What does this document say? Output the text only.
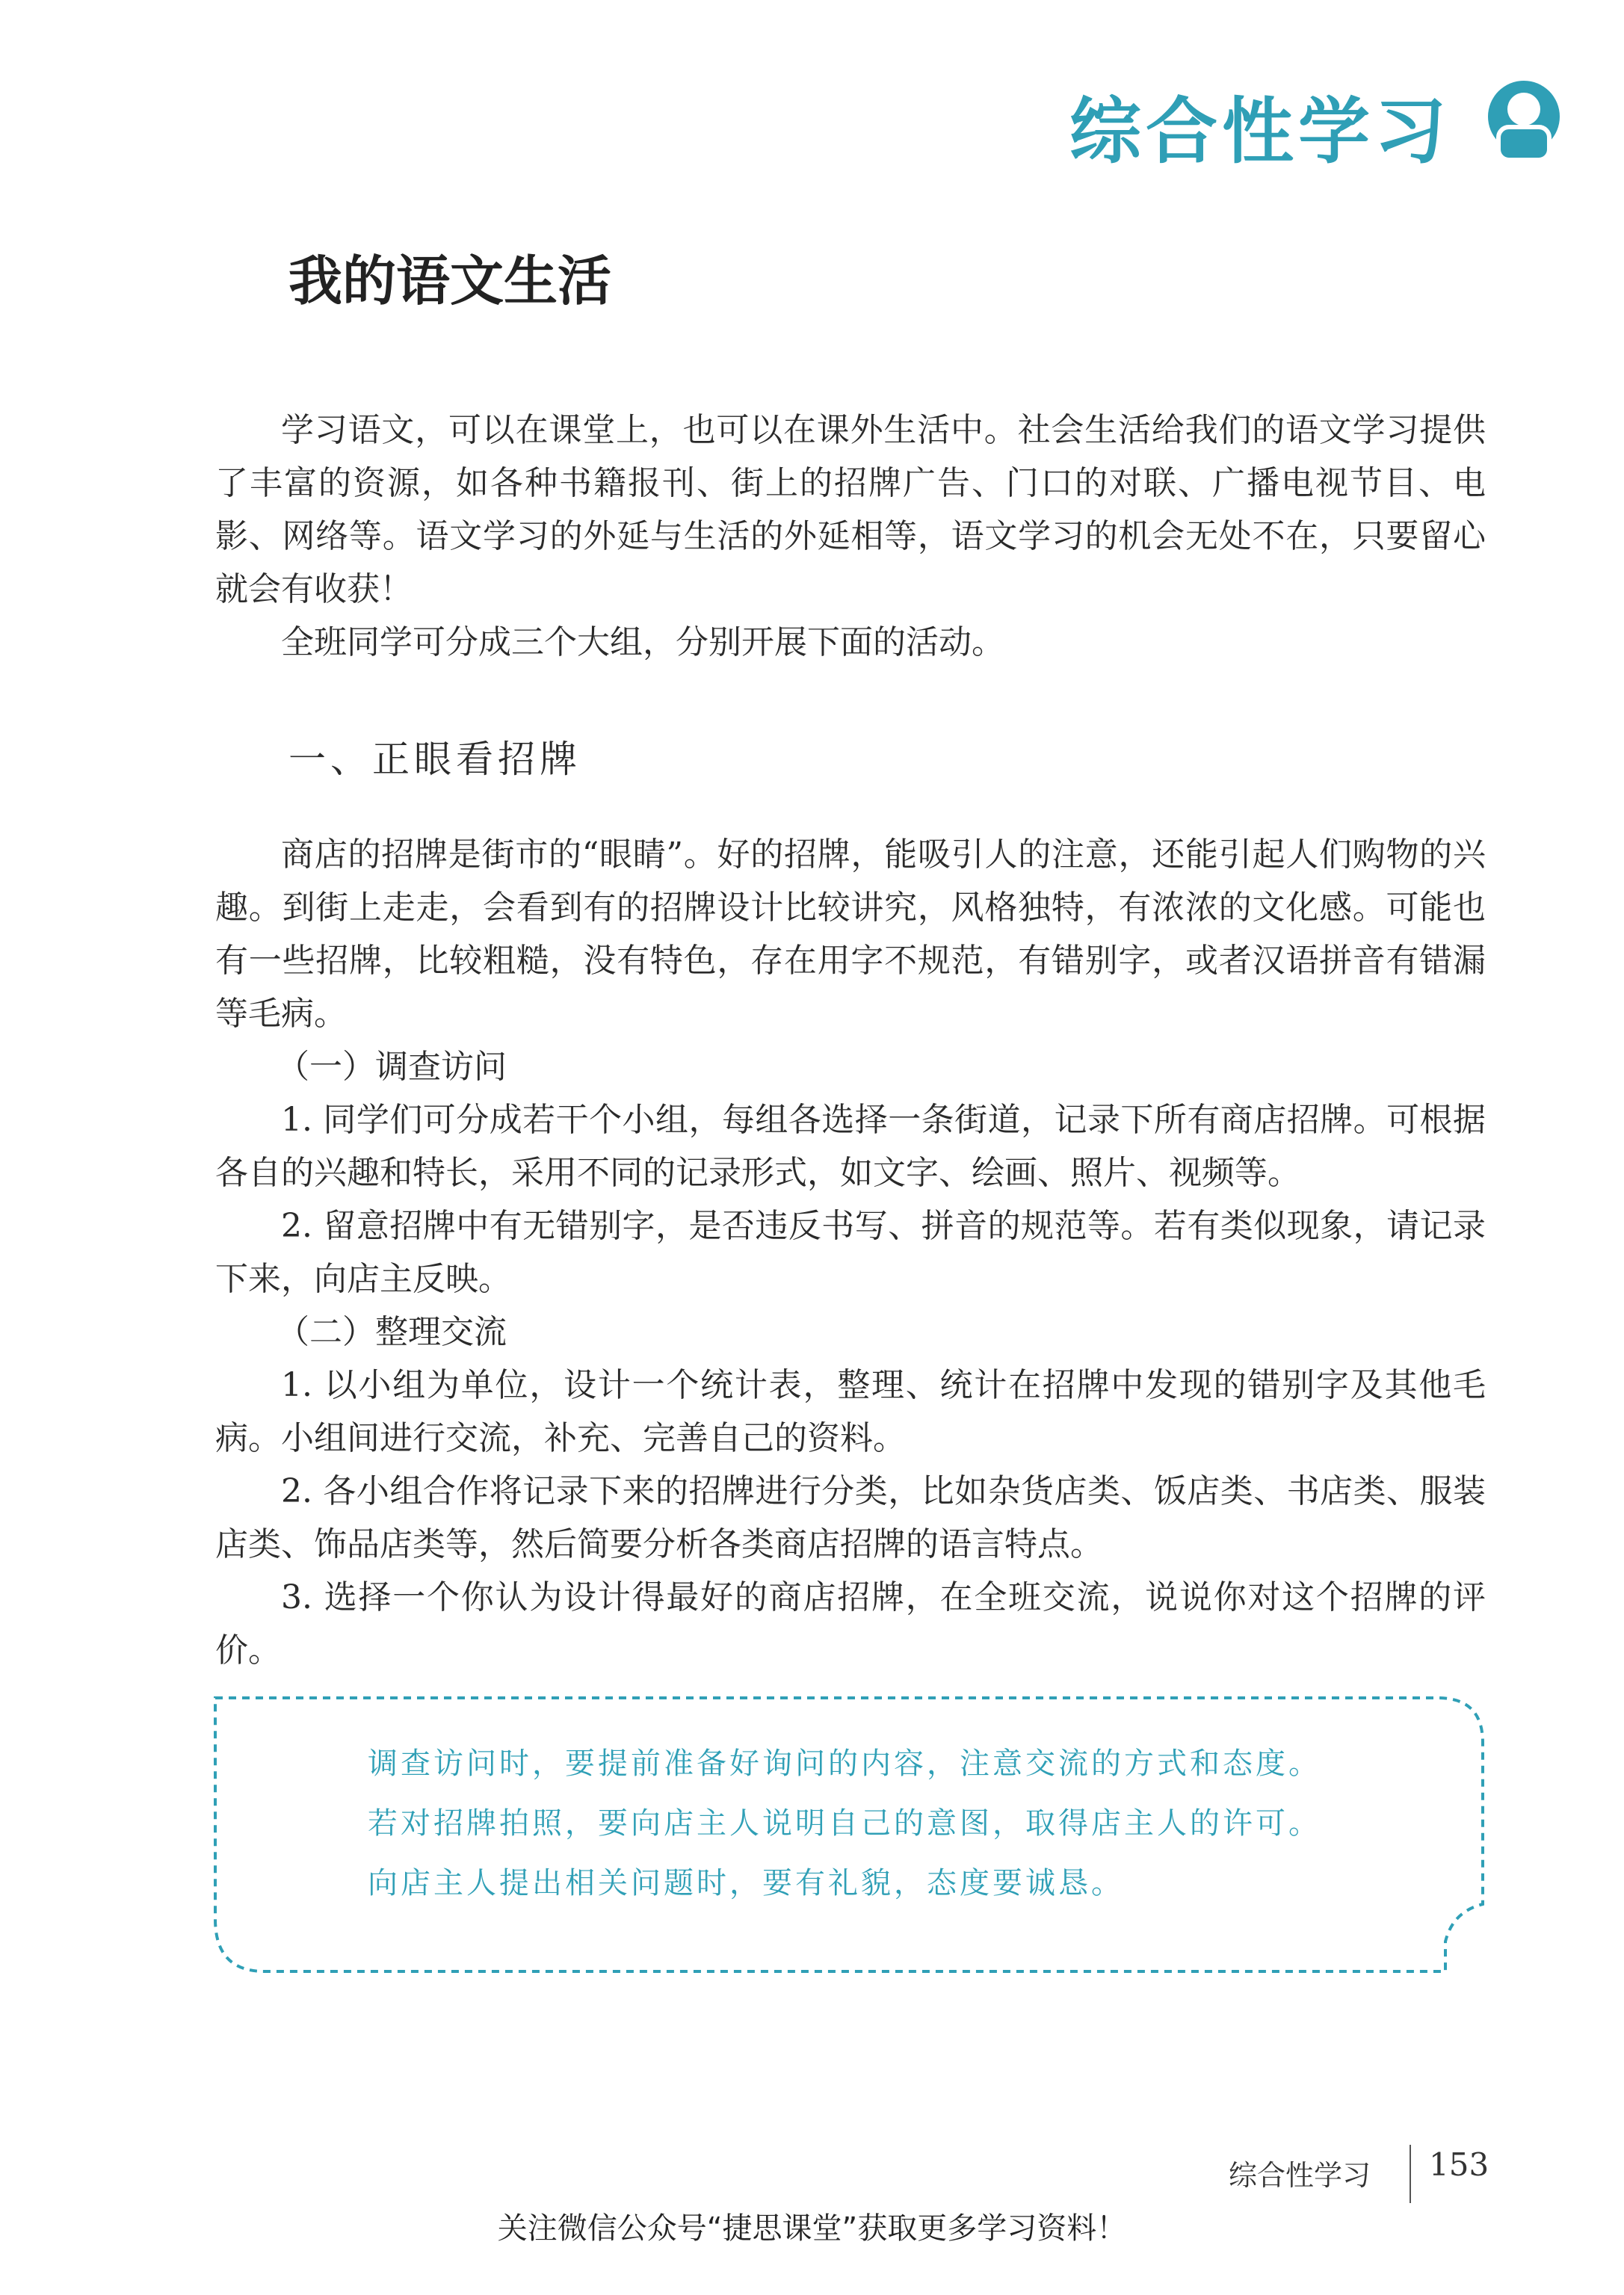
综合性学习
我的语文生活

学习语文，可以在课堂上，也可以在课外生活中。社会生活给我们的语文学习提供了丰富的资源，如各种书籍报刊、街上的招牌广告、门口的对联、广播电视节目、电影、网络等。语文学习的外延与生活的外延相等，语文学习的机会无处不在，只要留心就会有收获！

全班同学可分成三个大组，分别开展下面的活动。

一、正眼看招牌

商店的招牌是街市的“眼睛”。好的招牌，能吸引人的注意，还能引起人们购物的兴趣。到街上走走，会看到有的招牌设计比较讲究，风格独特，有浓浓的文化感。可能也有一些招牌，比较粗糙，没有特色，存在用字不规范，有错别字，或者汉语拼音有错漏等毛病。

（一）调查访问

1. 同学们可分成若干个小组，每组各选择一条街道，记录下所有商店招牌。可根据各自的兴趣和特长，采用不同的记录形式，如文字、绘画、照片、视频等。

2. 留意招牌中有无错别字，是否违反书写、拼音的规范等。若有类似现象，请记录下来，向店主反映。

（二）整理交流

1. 以小组为单位，设计一个统计表，整理、统计在招牌中发现的错别字及其他毛病。小组间进行交流，补充、完善自己的资料。

2. 各小组合作将记录下来的招牌进行分类，比如杂货店类、饭店类、书店类、服装店类、饰品店类等，然后简要分析各类商店招牌的语言特点。

3. 选择一个你认为设计得最好的商店招牌，在全班交流，说说你对这个招牌的评价。

调查访问时，要提前准备好询问的内容，注意交流的方式和态度。

若对招牌拍照，要向店主人说明自己的意图，取得店主人的许可。

向店主人提出相关问题时，要有礼貌，态度要诚恳。

综合性学习 153
关注微信公众号“捷思课堂”获取更多学习资料！
